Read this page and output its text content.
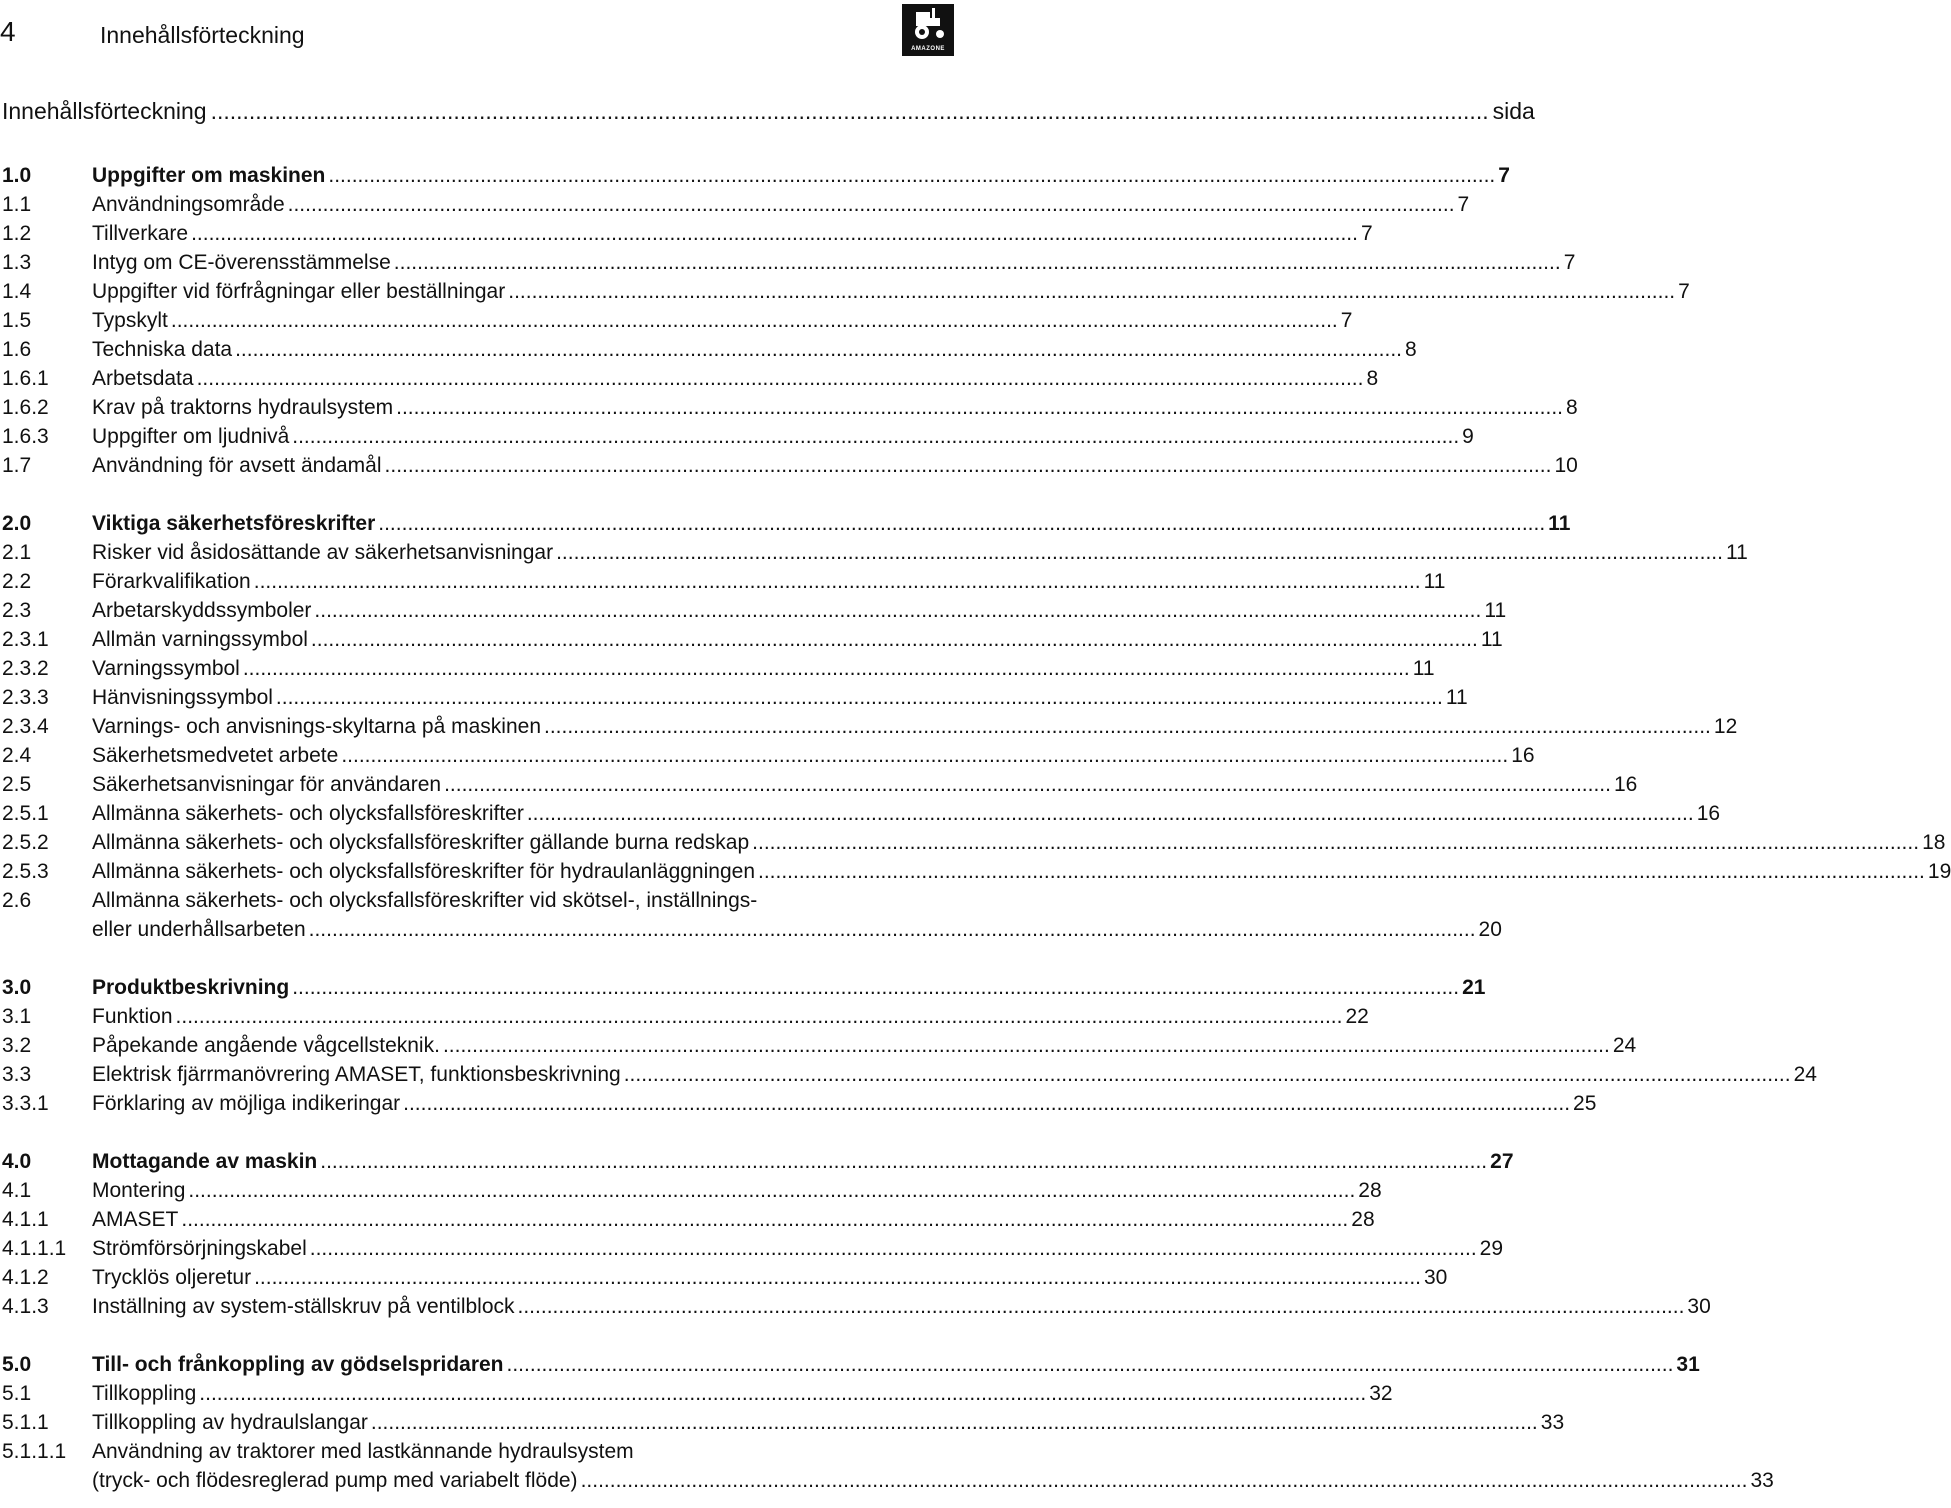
4	Innehållsförteckning
AMAZONE
Innehållsförteckning ........................................................................................................................................................................................................ sida
1.0	Uppgifter om maskinen ........................................................................................................................................................................................................ 7
1.1	Användningsområde ........................................................................................................................................................................................................ 7
1.2	Tillverkare ........................................................................................................................................................................................................ 7
1.3	Intyg om CE-överensstämmelse ........................................................................................................................................................................................................ 7
1.4	Uppgifter vid förfrågningar eller beställningar ........................................................................................................................................................................................................ 7
1.5	Typskylt ........................................................................................................................................................................................................ 7
1.6	Techniska data ........................................................................................................................................................................................................ 8
1.6.1	Arbetsdata ........................................................................................................................................................................................................ 8
1.6.2	Krav på traktorns hydraulsystem ........................................................................................................................................................................................................ 8
1.6.3	Uppgifter om ljudnivå ........................................................................................................................................................................................................ 9
1.7	Användning för avsett ändamål ........................................................................................................................................................................................................ 10
2.0	Viktiga säkerhetsföreskrifter ........................................................................................................................................................................................................ 11
2.1	Risker vid åsidosättande av säkerhetsanvisningar ........................................................................................................................................................................................................ 11
2.2	Förarkvalifikation ........................................................................................................................................................................................................ 11
2.3	Arbetarskyddssymboler ........................................................................................................................................................................................................ 11
2.3.1	Allmän varningssymbol ........................................................................................................................................................................................................ 11
2.3.2	Varningssymbol ........................................................................................................................................................................................................ 11
2.3.3	Hänvisningssymbol ........................................................................................................................................................................................................ 11
2.3.4	Varnings- och anvisnings-skyltarna på maskinen ........................................................................................................................................................................................................ 12
2.4	Säkerhetsmedvetet arbete ........................................................................................................................................................................................................ 16
2.5	Säkerhetsanvisningar för användaren ........................................................................................................................................................................................................ 16
2.5.1	Allmänna säkerhets- och olycksfallsföreskrifter ........................................................................................................................................................................................................ 16
2.5.2	Allmänna säkerhets- och olycksfallsföreskrifter gällande burna redskap ........................................................................................................................................................................................................ 18
2.5.3	Allmänna säkerhets- och olycksfallsföreskrifter för hydraulanläggningen ........................................................................................................................................................................................................ 19
2.6	Allmänna säkerhets- och olycksfallsföreskrifter vid skötsel-, inställnings-
eller underhållsarbeten ........................................................................................................................................................................................................ 20
3.0	Produktbeskrivning ........................................................................................................................................................................................................ 21
3.1	Funktion ........................................................................................................................................................................................................ 22
3.2	Påpekande angående vågcellsteknik. ........................................................................................................................................................................................................ 24
3.3	Elektrisk fjärrmanövrering AMASET, funktionsbeskrivning ........................................................................................................................................................................................................ 24
3.3.1	Förklaring av möjliga indikeringar ........................................................................................................................................................................................................ 25
4.0	Mottagande av maskin ........................................................................................................................................................................................................ 27
4.1	Montering ........................................................................................................................................................................................................ 28
4.1.1	AMASET ........................................................................................................................................................................................................ 28
4.1.1.1	Strömförsörjningskabel ........................................................................................................................................................................................................ 29
4.1.2	Trycklös oljeretur ........................................................................................................................................................................................................ 30
4.1.3	Inställning av system-ställskruv på ventilblock ........................................................................................................................................................................................................ 30
5.0	Till- och frånkoppling av gödselspridaren ........................................................................................................................................................................................................ 31
5.1	Tillkoppling ........................................................................................................................................................................................................ 32
5.1.1	Tillkoppling av hydraulslangar ........................................................................................................................................................................................................ 33
5.1.1.1	Användning av traktorer med lastkännande hydraulsystem
(tryck- och flödesreglerad pump med variabelt flöde) ........................................................................................................................................................................................................ 33
